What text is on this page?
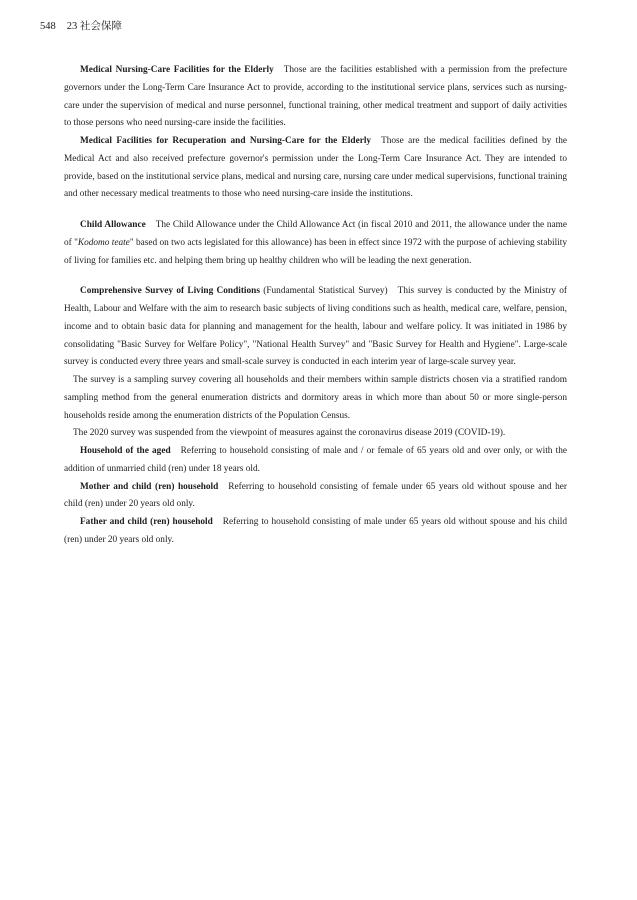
548 23 社会保障

Medical Nursing-Care Facilities for the Elderly Those are the facilities established with a permission from the prefecture governors under the Long-Term Care Insurance Act to provide, according to the institutional service plans, services such as nursing-care under the supervision of medical and nurse personnel, functional training, other medical treatment and support of daily activities to those persons who need nursing-care inside the facilities.

Medical Facilities for Recuperation and Nursing-Care for the Elderly Those are the medical facilities defined by the Medical Act and also received prefecture governor's permission under the Long-Term Care Insurance Act. They are intended to provide, based on the institutional service plans, medical and nursing care, nursing care under medical supervisions, functional training and other necessary medical treatments to those who need nursing-care inside the institutions.

Child Allowance The Child Allowance under the Child Allowance Act (in fiscal 2010 and 2011, the allowance under the name of "Kodomo teate" based on two acts legislated for this allowance) has been in effect since 1972 with the purpose of achieving stability of living for families etc. and helping them bring up healthy children who will be leading the next generation.

Comprehensive Survey of Living Conditions (Fundamental Statistical Survey) This survey is conducted by the Ministry of Health, Labour and Welfare with the aim to research basic subjects of living conditions such as health, medical care, welfare, pension, income and to obtain basic data for planning and management for the health, labour and welfare policy. It was initiated in 1986 by consolidating "Basic Survey for Welfare Policy", "National Health Survey" and "Basic Survey for Health and Hygiene". Large-scale survey is conducted every three years and small-scale survey is conducted in each interim year of large-scale survey year.

The survey is a sampling survey covering all households and their members within sample districts chosen via a stratified random sampling method from the general enumeration districts and dormitory areas in which more than about 50 or more single-person households reside among the enumeration districts of the Population Census.

The 2020 survey was suspended from the viewpoint of measures against the coronavirus disease 2019 (COVID-19).

Household of the aged Referring to household consisting of male and / or female of 65 years old and over only, or with the addition of unmarried child (ren) under 18 years old.

Mother and child (ren) household Referring to household consisting of female under 65 years old without spouse and her child (ren) under 20 years old only.

Father and child (ren) household Referring to household consisting of male under 65 years old without spouse and his child (ren) under 20 years old only.
